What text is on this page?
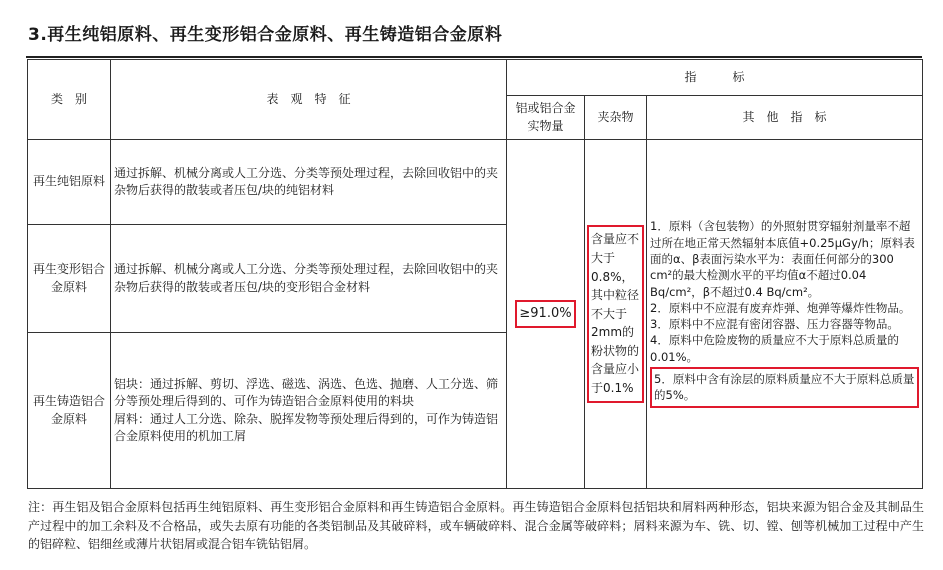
3.再生纯铝原料、再生变形铝合金原料、再生铸造铝合金原料
类　别	表　观　特　征	指　　　标		
		铝或铝合金实物量	夹杂物	其　他　指　标
再生纯铝原料	通过拆解、机械分离或人工分选、分类等预处理过程，去除回收铝中的夹杂物后获得的散装或者压包/块的纯铝材料	≥91.0%	含量应不大于0.8%，其中粒径不大于2mm的粉状物的含量应小于0.1%	1．原料（含包装物）的外照射贯穿辐射剂量率不超过所在地正常天然辐射本底值+0.25μGy/h；原料表面的α、β表面污染水平为：表面任何部分的300 cm²的最大检测水平的平均值α不超过0.04 Bq/cm²，β不超过0.4 Bq/cm²。
2．原料中不应混有废弃炸弹、炮弹等爆炸性物品。
3．原料中不应混有密闭容器、压力容器等物品。
4．原料中危险废物的质量应不大于原料总质量的0.01%。
5．原料中含有涂层的原料质量应不大于原料总质量的5%。

再生变形铝合金原料	通过拆解、机械分离或人工分选、分类等预处理过程，去除回收铝中的夹杂物后获得的散装或者压包/块的变形铝合金材料			
再生铸造铝合金原料	铝块：通过拆解、剪切、浮选、磁选、涡选、色选、抛磨、人工分选、筛分等预处理后得到的、可作为铸造铝合金原料使用的料块
屑料：通过人工分选、除杂、脱挥发物等预处理后得到的，可作为铸造铝合金原料使用的机加工屑			
注：再生铝及铝合金原料包括再生纯铝原料、再生变形铝合金原料和再生铸造铝合金原料。再生铸造铝合金原料包括铝块和屑料两种形态，铝块来源为铝合金及其制品生产过程中的加工余料及不合格品，或失去原有功能的各类铝制品及其破碎料，或车辆破碎料、混合金属等破碎料；屑料来源为车、铣、切、镗、刨等机械加工过程中产生的铝碎粒、铝细丝或薄片状铝屑或混合铝车铣钻铝屑。
